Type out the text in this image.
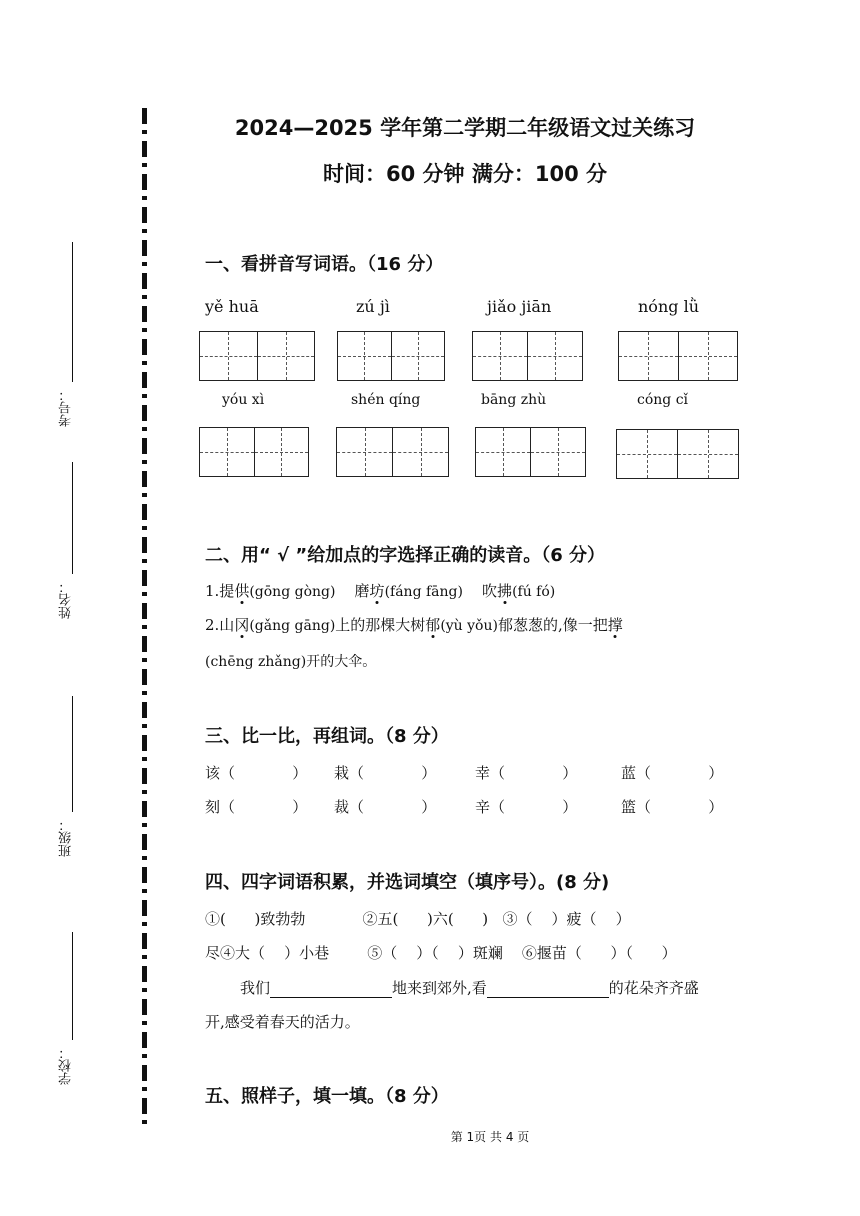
考号：
姓名：
班级：
学校：
2024—2025 学年第二学期二年级语文过关练习
时间：60 分钟 满分：100 分
一、看拼音写词语。（16 分）
yě huā	zú jì	jiǎo jiān	nóng lǜ
yóu xì	shén qíng	bāng zhù	cóng cǐ
二、用“ √ ”给加点的字选择正确的读音。（6 分）
1.提供(gōng gòng) 磨坊(fáng fāng) 吹拂(fú fó)
2.山冈(gǎng gāng)上的那棵大树郁(yù yǒu)郁葱葱的,像一把撑
(chēng zhǎng)开的大伞。
三、比一比，再组词。（8 分）
该（            ） 栽（            ）	幸（            ）	蓝（            ）
刻（            ） 裁（            ）	辛（            ）	篮（            ）
四、四字词语积累，并选词填空（填序号）。(8 分)
①(      )致勃勃            ②五(      )六(      )   ③（    ）疲（    ）
尽④大（    ）小巷        ⑤（    ）（    ）斑斓    ⑥揠苗（      ）（      ）
我们	地来到郊外,看	的花朵齐齐盛
开,感受着春天的活力。
五、照样子，填一填。（8 分）
第 1页 共 4 页
